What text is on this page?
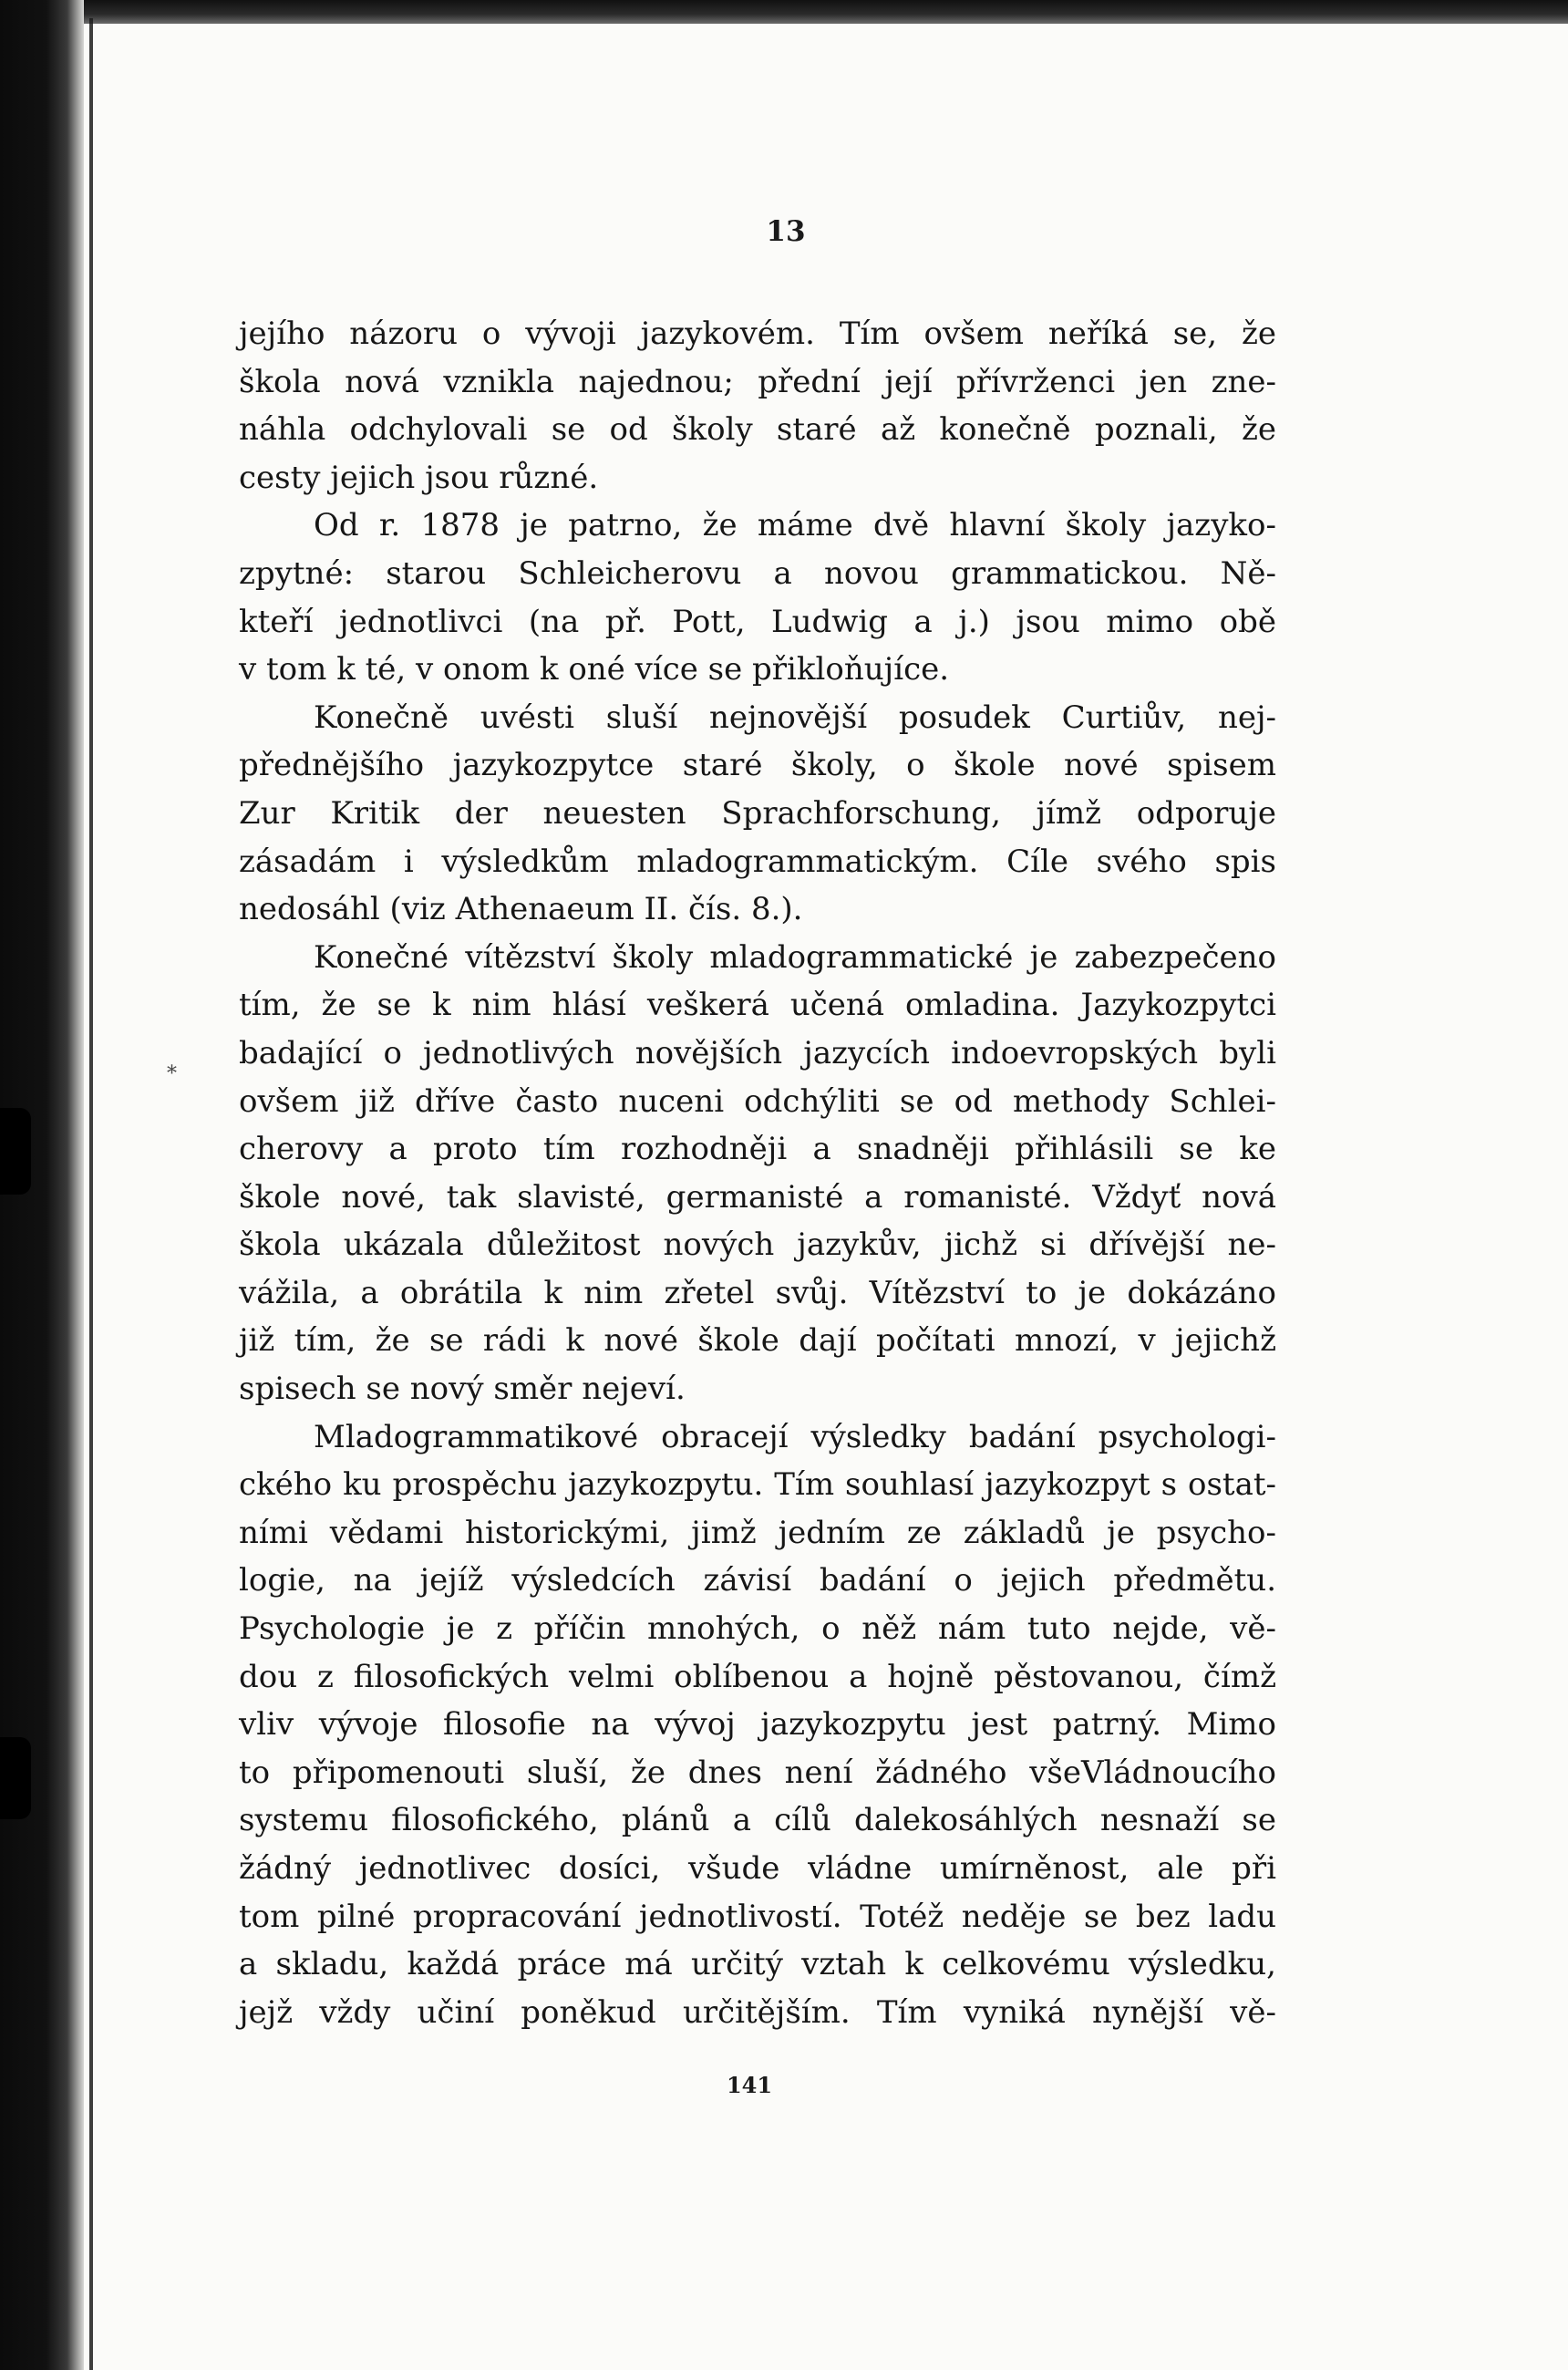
⁎

13

jejího názoru o vývoji jazykovém. Tím ovšem neříká se, že
škola nová vznikla najednou; přední její přívrženci jen zne-
náhla odchylovali se od školy staré až konečně poznali, že
cesty jejich jsou různé.
Od r. 1878 je patrno, že máme dvě hlavní školy jazyko-
zpytné: starou Schleicherovu a novou grammatickou. Ně-
kteří jednotlivci (na př. Pott, Ludwig a j.) jsou mimo obě
v tom k té, v onom k oné více se přikloňujíce.
Konečně uvésti sluší nejnovější posudek Curtiův, nej-
přednějšího jazykozpytce staré školy, o škole nové spisem
Zur Kritik der neuesten Sprachforschung, jímž odporuje
zásadám i výsledkům mladogrammatickým. Cíle svého spis
nedosáhl (viz Athenaeum II. čís. 8.).
Konečné vítězství školy mladogrammatické je zabezpečeno
tím, že se k nim hlásí veškerá učená omladina. Jazykozpytci
badající o jednotlivých novějších jazycích indoevropských byli
ovšem již dříve často nuceni odchýliti se od methody Schlei-
cherovy a proto tím rozhodněji a snadněji přihlásili se ke
škole nové, tak slavisté, germanisté a romanisté. Vždyť nová
škola ukázala důležitost nových jazykův, jichž si dřívější ne-
vážila, a obrátila k nim zřetel svůj. Vítězství to je dokázáno
již tím, že se rádi k nové škole dají počítati mnozí, v jejichž
spisech se nový směr nejeví.
Mladogrammatikové obracejí výsledky badání psychologi-
ckého ku prospěchu jazykozpytu. Tím souhlasí jazykozpyt s ostat-
ními vědami historickými, jimž jedním ze základů je psycho-
logie, na jejíž výsledcích závisí badání o jejich předmětu.
Psychologie je z příčin mnohých, o něž nám tuto nejde, vě-
dou z filosofických velmi oblíbenou a hojně pěstovanou, čímž
vliv vývoje filosofie na vývoj jazykozpytu jest patrný. Mimo
to připomenouti sluší, že dnes není žádného všeVládnoucího
systemu filosofického, plánů a cílů dalekosáhlých nesnaží se
žádný jednotlivec dosíci, všude vládne umírněnost, ale při
tom pilné propracování jednotlivostí. Totéž neděje se bez ladu
a skladu, každá práce má určitý vztah k celkovému výsledku,
jejž vždy učiní poněkud určitějším. Tím vyniká nynější vě-

141
